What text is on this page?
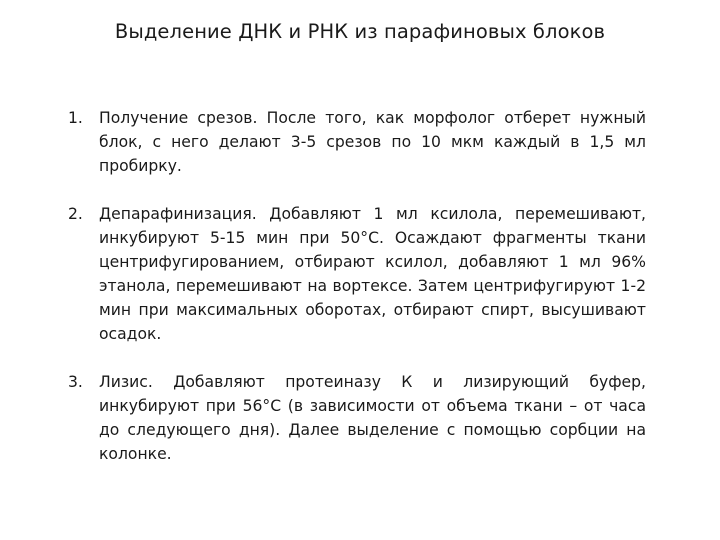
Выделение ДНК и РНК из парафиновых блоков
1.	Получение срезов. После того, как морфолог отберет нужный блок, с него делают 3-5 срезов по 10 мкм каждый в 1,5 мл пробирку.
2.	Депарафинизация. Добавляют 1 мл ксилола, перемешивают, инкубируют 5-15 мин при 50°С. Осаждают фрагменты ткани центрифугированием, отбирают ксилол, добавляют 1 мл 96% этанола, перемешивают на вортексе. Затем центрифугируют 1-2 мин при максимальных оборотах, отбирают спирт, высушивают осадок.
3.	Лизис. Добавляют протеиназу К и лизирующий буфер, инкубируют при 56°С (в зависимости от объема ткани – от часа до следующего дня). Далее выделение с помощью сорбции на колонке.
